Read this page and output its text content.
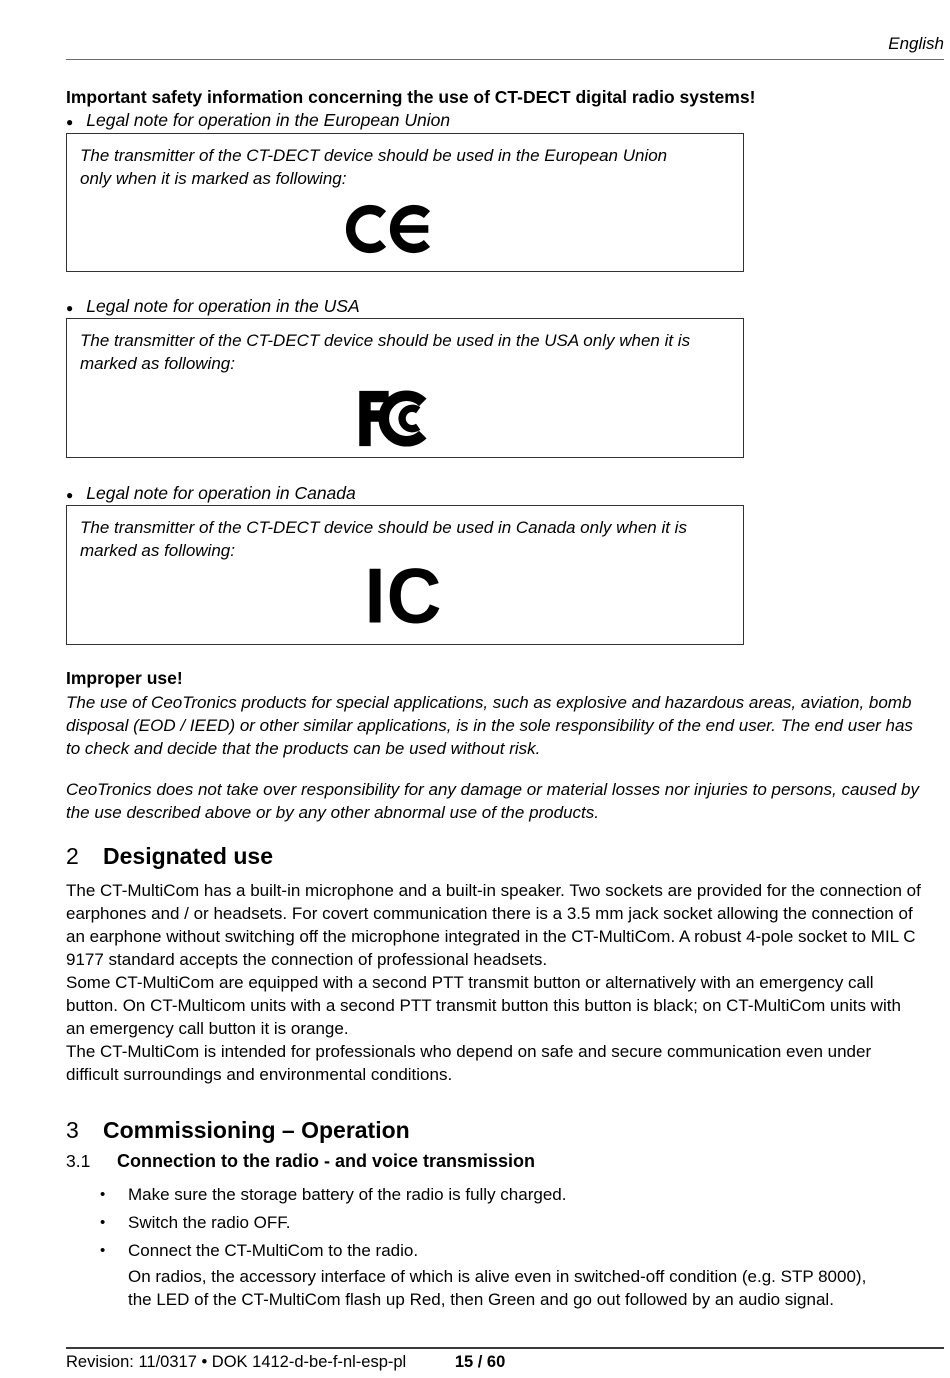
English
Important safety information concerning the use of CT-DECT digital radio systems!
● Legal note for operation in the European Union

The transmitter of the CT-DECT device should be used in the European Union only when it is marked as following:

● Legal note for operation in the USA

The transmitter of the CT-DECT device should be used in the USA only when it is marked as following:

● Legal note for operation in Canada

The transmitter of the CT-DECT device should be used in Canada only when it is marked as following:

IC
Improper use!

The use of CeoTronics products for special applications, such as explosive and hazardous areas, aviation, bomb disposal (EOD / IEED) or other similar applications, is in the sole responsibility of the end user. The end user has to check and decide that the products can be used without risk.

CeoTronics does not take over responsibility for any damage or material losses nor injuries to persons, caused by the use described above or by any other abnormal use of the products.

2 Designated use

The CT-MultiCom has a built-in microphone and a built-in speaker. Two sockets are provided for the connection of earphones and / or headsets. For covert communication there is a 3.5 mm jack socket allowing the connection of an earphone without switching off the microphone integrated in the CT-MultiCom. A robust 4-pole socket to MIL C 9177 standard accepts the connection of professional headsets.

Some CT-MultiCom are equipped with a second PTT transmit button or alternatively with an emergency call button. On CT-Multicom units with a second PTT transmit button this button is black; on CT-MultiCom units with an emergency call button it is orange.

The CT-MultiCom is intended for professionals who depend on safe and secure communication even under difficult surroundings and environmental conditions.

3 Commissioning – Operation
3.1 Connection to the radio - and voice transmission
•	Make sure the storage battery of the radio is fully charged.
•	Switch the radio OFF.
•	Connect the CT-MultiCom to the radio.

On radios, the accessory interface of which is alive even in switched-off condition (e.g. STP 8000), the LED of the CT-MultiCom flash up Red, then Green and go out followed by an audio signal.

Revision: 11/0317 • DOK 1412-d-be-f-nl-esp-pl	15 / 60
